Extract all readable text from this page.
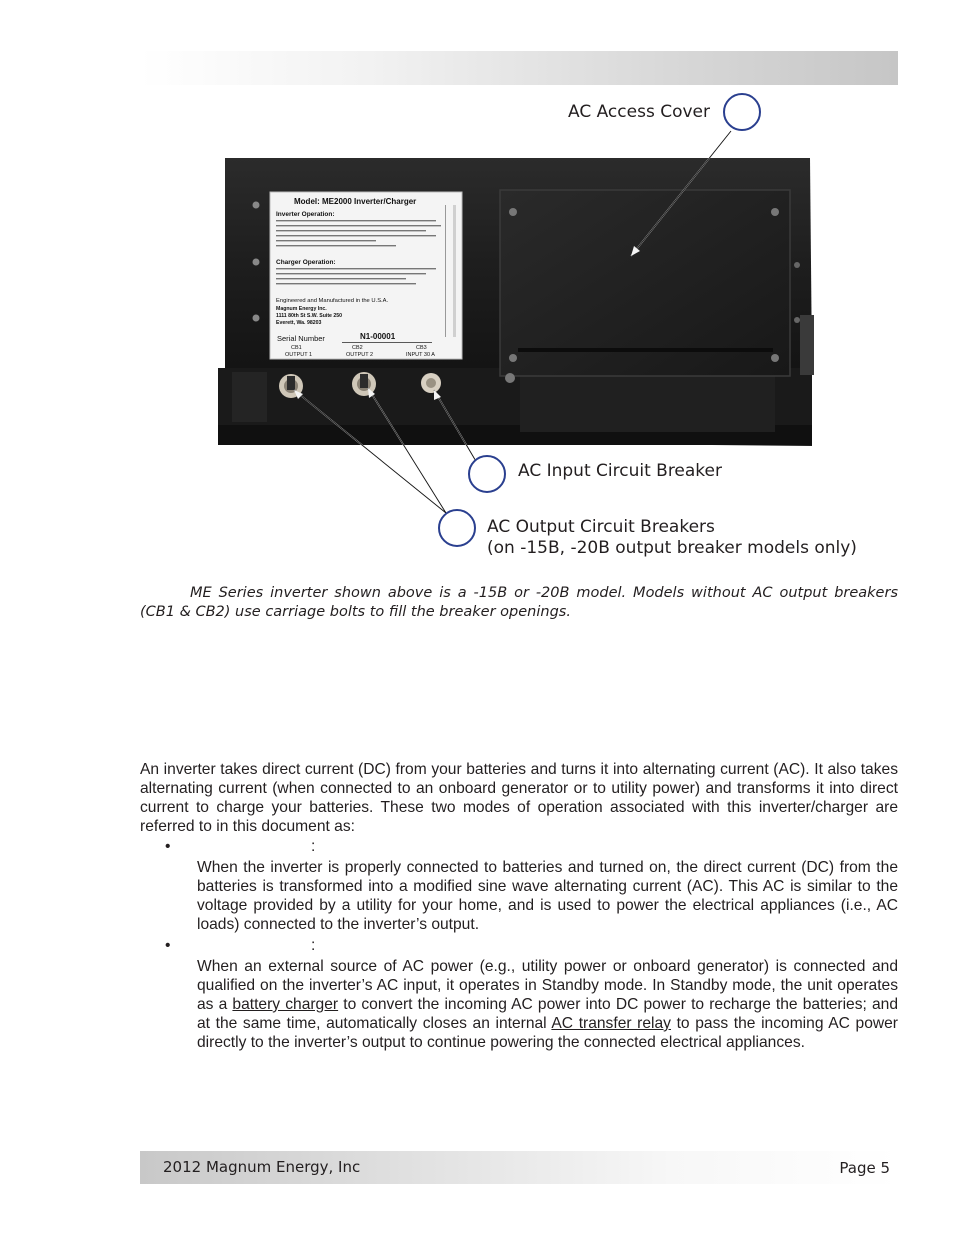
Model: ME2000 Inverter/Charger
Inverter Operation:
Charger Operation:
Engineered and Manufactured in the U.S.A.
Magnum Energy Inc.
1111 80th St S.W. Suite 250
Everett, Wa. 98203
Serial Number	N1-00001
CB1
OUTPUT 1
CB2
OUTPUT 2
CB3
INPUT 30 A
AC Access Cover
AC Input Circuit Breaker
AC Output Circuit Breakers
(on -15B, -20B output breaker models only)
ME Series inverter shown above is a -15B or -20B model. Models without AC output breakers (CB1 & CB2) use carriage bolts to fill the breaker openings.
An inverter takes direct current (DC) from your batteries and turns it into alternating current (AC). It also takes alternating current (when connected to an onboard generator or to utility power) and transforms it into direct current to charge your batteries. These two modes of operation associated with this inverter/charger are referred to in this document as:
•	:
When the inverter is properly connected to batteries and turned on, the direct current (DC) from the batteries is transformed into a modified sine wave alternating current (AC). This AC is similar to the voltage provided by a utility for your home, and is used to power the electrical appliances (i.e., AC loads) connected to the inverter’s output.
•	:
When an external source of AC power (e.g., utility power or onboard generator) is connected and qualified on the inverter’s AC input, it operates in Standby mode. In Standby mode, the unit operates as a battery charger to convert the incoming AC power into DC power to recharge the batteries; and at the same time, automatically closes an internal AC transfer relay to pass the incoming AC power directly to the inverter’s output to continue powering the connected electrical appliances.
2012 Magnum Energy, Inc	Page 5
